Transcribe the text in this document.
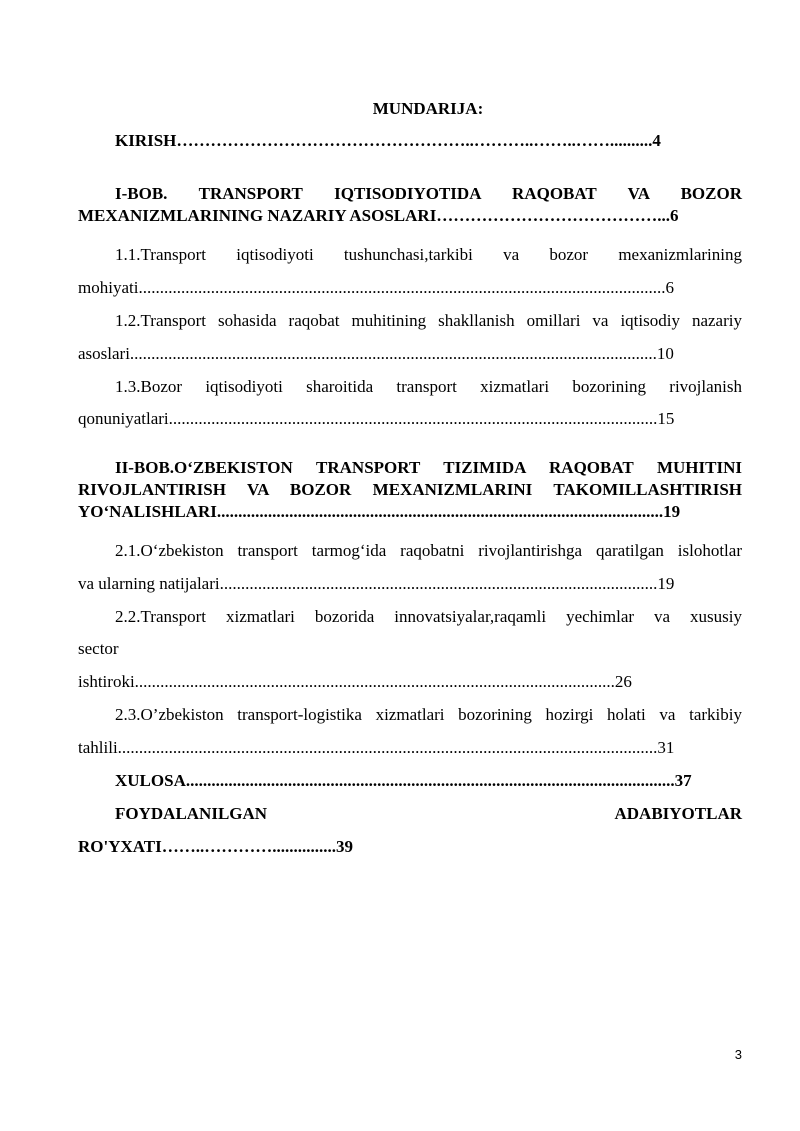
MUNDARIJA:
KIRISH……………………………………………..………..……..……..........4
I-BOB. TRANSPORT IQTISODIYOTIDA RAQOBAT VA BOZOR
MEXANIZMLARINING NAZARIY ASOSLARI…………………………………...6
1.1.Transport iqtisodiyoti tushunchasi,tarkibi va bozor mexanizmlarining
mohiyati............................................................................................................................6
1.2.Transport sohasida raqobat muhitining shakllanish omillari va iqtisodiy nazariy
asoslari............................................................................................................................10
1.3.Bozor iqtisodiyoti sharoitida transport xizmatlari bozorining rivojlanish
qonuniyatlari...................................................................................................................15
II-BOB.O‘ZBEKISTON TRANSPORT TIZIMIDA RAQOBAT MUHITINI
RIVOJLANTIRISH VA BOZOR MEXANIZMLARINI TAKOMILLASHTIRISH
YO‘NALISHLARI.........................................................................................................19
2.1.O‘zbekiston transport tarmog‘ida raqobatni rivojlantirishga qaratilgan islohotlar
va ularning natijalari.......................................................................................................19
2.2.Transport xizmatlari bozorida innovatsiyalar,raqamli yechimlar va xususiy
sector
ishtiroki.................................................................................................................26
2.3.O’zbekiston transport-logistika xizmatlari bozorining hozirgi holati va tarkibiy
tahlili...............................................................................................................................31
XULOSA...................................................................................................................37
FOYDALANILGAN ADABIYOTLAR
RO'YXATI……..…………...............39
3
